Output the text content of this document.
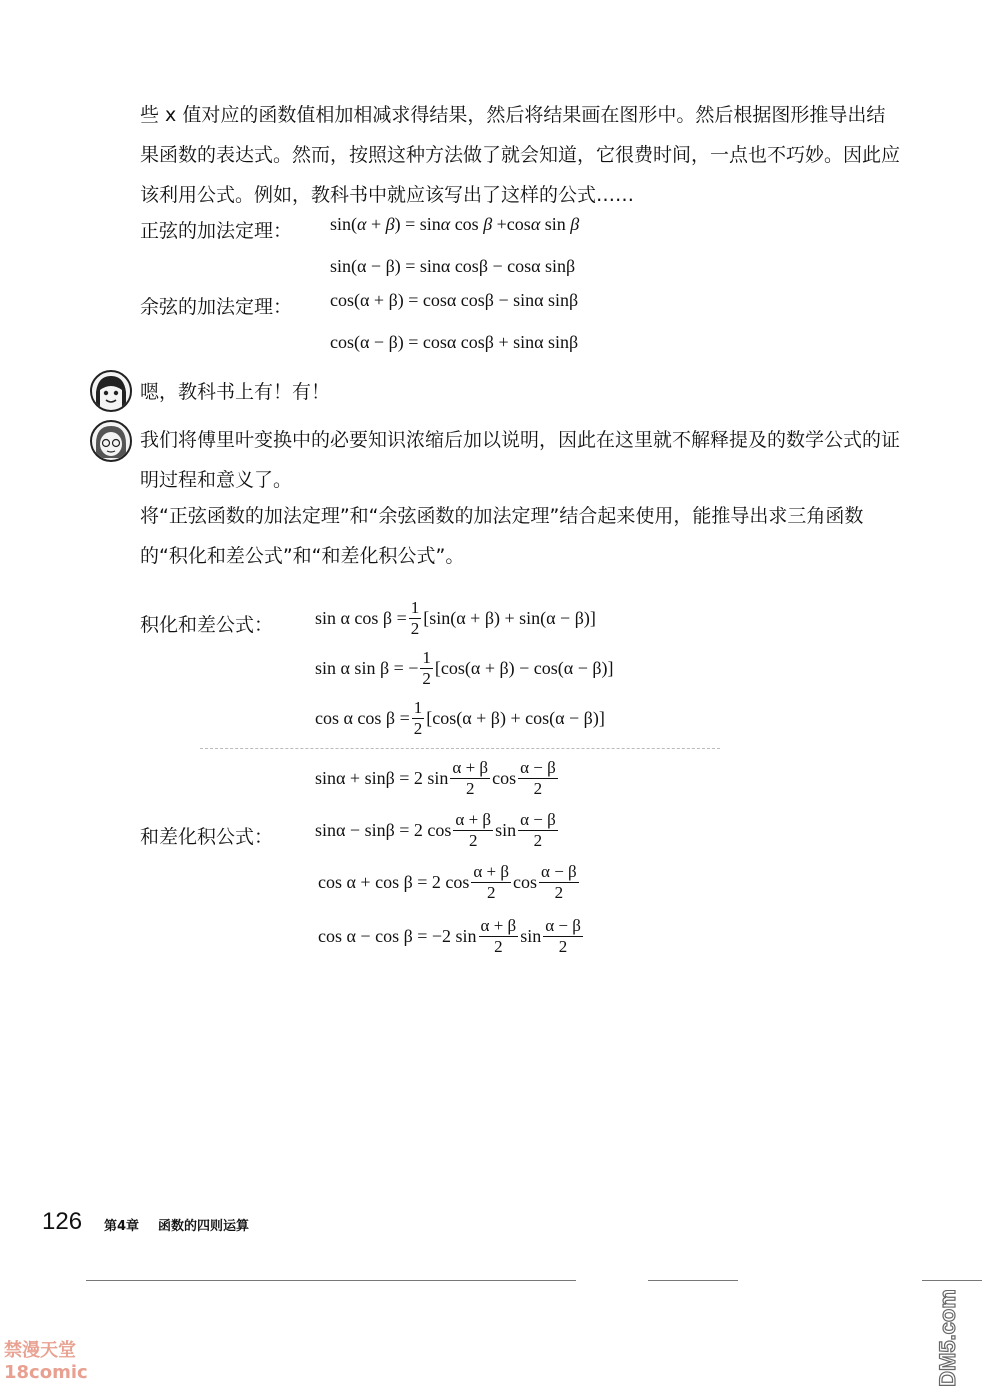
些 x 值对应的函数值相加相减求得结果，然后将结果画在图形中。然后根据图形推导出结果函数的表达式。然而，按照这种方法做了就会知道，它很费时间，一点也不巧妙。因此应该利用公式。例如，教科书中就应该写出了这样的公式……

正弦的加法定理： sin( α + β ) = sin α cos β +cos α sin β
sin(α − β) = sinα cosβ − cosα sinβ
余弦的加法定理： cos(α + β) = cosα cosβ − sinα sinβ
cos(α − β) = cosα cosβ + sinα sinβ

嗯，教科书上有！有！

我们将傅里叶变换中的必要知识浓缩后加以说明，因此在这里就不解释提及的数学公式的证明过程和意义了。

将“正弦函数的加法定理”和“余弦函数的加法定理”结合起来使用，能推导出求三角函数的“积化和差公式”和“和差化积公式”。

积化和差公式： sin α $\cos \beta = \frac{1}{2} [\sin(\alpha + \beta) + \sin(\alpha - \beta)]$
sin α sin β = − $\frac{1}{2} [\cos(\alpha + \beta) - \cos(\alpha - \beta)]$
cos α $\cos \beta = \frac{1}{2} [\cos(\alpha + \beta) + \cos(\alpha - \beta)]$
sinα + sinβ = 2 $\sin \frac{\alpha + \beta}{2}$ $\cos \frac{\alpha - \beta}{2}$
和差化积公式： sinα − sinβ = 2 $\cos \frac{\alpha + \beta}{2}$ $\sin \frac{\alpha - \beta}{2}$
cos α + cos β = 2 $\cos \frac{\alpha + \beta}{2}$ $\cos \frac{\alpha - \beta}{2}$
cos α − cos β = −2 $\sin \frac{\alpha + \beta}{2}$ $\sin \frac{\alpha - \beta}{2}$
126 第4章 函数的四则运算
禁漫天堂
18comic	DM5.com
